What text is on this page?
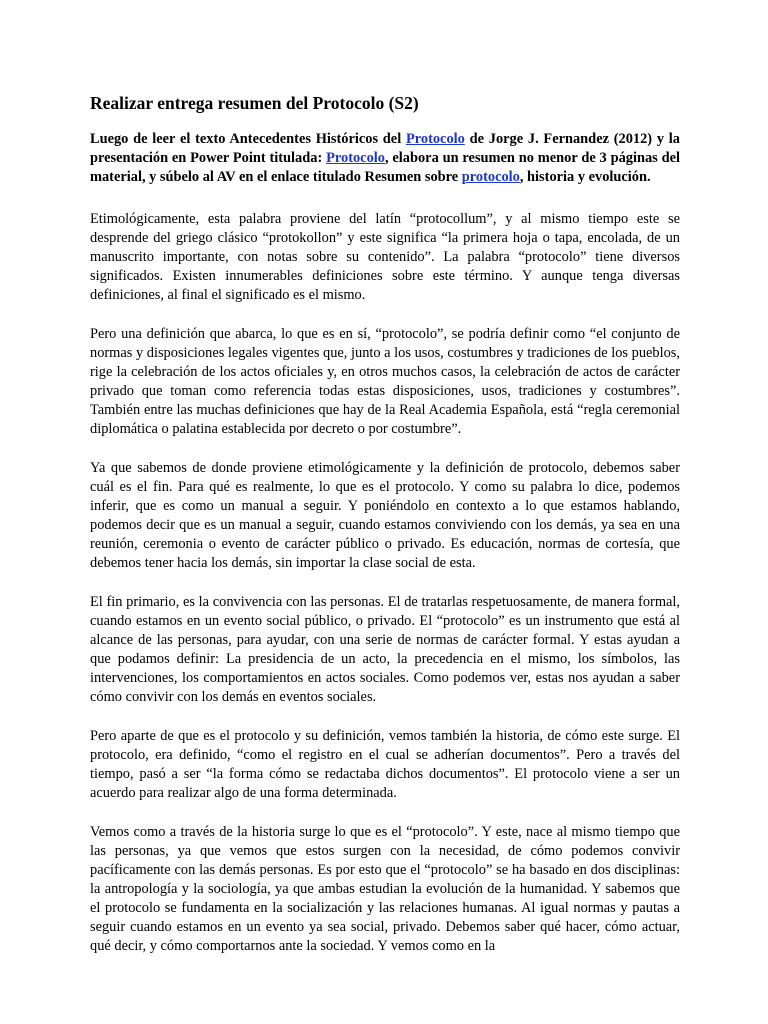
Realizar entrega resumen del Protocolo (S2)

Luego de leer el texto Antecedentes Históricos del Protocolo de Jorge J. Fernandez (2012) y la presentación en Power Point titulada: Protocolo, elabora un resumen no menor de 3 páginas del material, y súbelo al AV en el enlace titulado Resumen sobre protocolo, historia y evolución.

Etimológicamente, esta palabra proviene del latín “protocollum”, y al mismo tiempo este se desprende del griego clásico “protokollon” y este significa “la primera hoja o tapa, encolada, de un manuscrito importante, con notas sobre su contenido”. La palabra “protocolo” tiene diversos significados. Existen innumerables definiciones sobre este término. Y aunque tenga diversas definiciones, al final el significado es el mismo.

Pero una definición que abarca, lo que es en sí, “protocolo”, se podría definir como “el conjunto de normas y disposiciones legales vigentes que, junto a los usos, costumbres y tradiciones de los pueblos, rige la celebración de los actos oficiales y, en otros muchos casos, la celebración de actos de carácter privado que toman como referencia todas estas disposiciones, usos, tradiciones y costumbres”. También entre las muchas definiciones que hay de la Real Academia Española, está “regla ceremonial diplomática o palatina establecida por decreto o por costumbre”.

Ya que sabemos de donde proviene etimológicamente y la definición de protocolo, debemos saber cuál es el fin. Para qué es realmente, lo que es el protocolo. Y como su palabra lo dice, podemos inferir, que es como un manual a seguir. Y poniéndolo en contexto a lo que estamos hablando, podemos decir que es un manual a seguir, cuando estamos conviviendo con los demás, ya sea en una reunión, ceremonia o evento de carácter público o privado. Es educación, normas de cortesía, que debemos tener hacia los demás, sin importar la clase social de esta.

El fin primario, es la convivencia con las personas. El de tratarlas respetuosamente, de manera formal, cuando estamos en un evento social público, o privado. El “protocolo” es un instrumento que está al alcance de las personas, para ayudar, con una serie de normas de carácter formal. Y estas ayudan a que podamos definir: La presidencia de un acto, la precedencia en el mismo, los símbolos, las intervenciones, los comportamientos en actos sociales. Como podemos ver, estas nos ayudan a saber cómo convivir con los demás en eventos sociales.

Pero aparte de que es el protocolo y su definición, vemos también la historia, de cómo este surge. El protocolo, era definido, “como el registro en el cual se adherían documentos”. Pero a través del tiempo, pasó a ser “la forma cómo se redactaba dichos documentos”. El protocolo viene a ser un acuerdo para realizar algo de una forma determinada.

Vemos como a través de la historia surge lo que es el “protocolo”. Y este, nace al mismo tiempo que las personas, ya que vemos que estos surgen con la necesidad, de cómo podemos convivir pacíficamente con las demás personas. Es por esto que el “protocolo” se ha basado en dos disciplinas: la antropología y la sociología, ya que ambas estudian la evolución de la humanidad. Y sabemos que el protocolo se fundamenta en la socialización y las relaciones humanas. Al igual normas y pautas a seguir cuando estamos en un evento ya sea social, privado. Debemos saber qué hacer, cómo actuar, qué decir, y cómo comportarnos ante la sociedad. Y vemos como en la
